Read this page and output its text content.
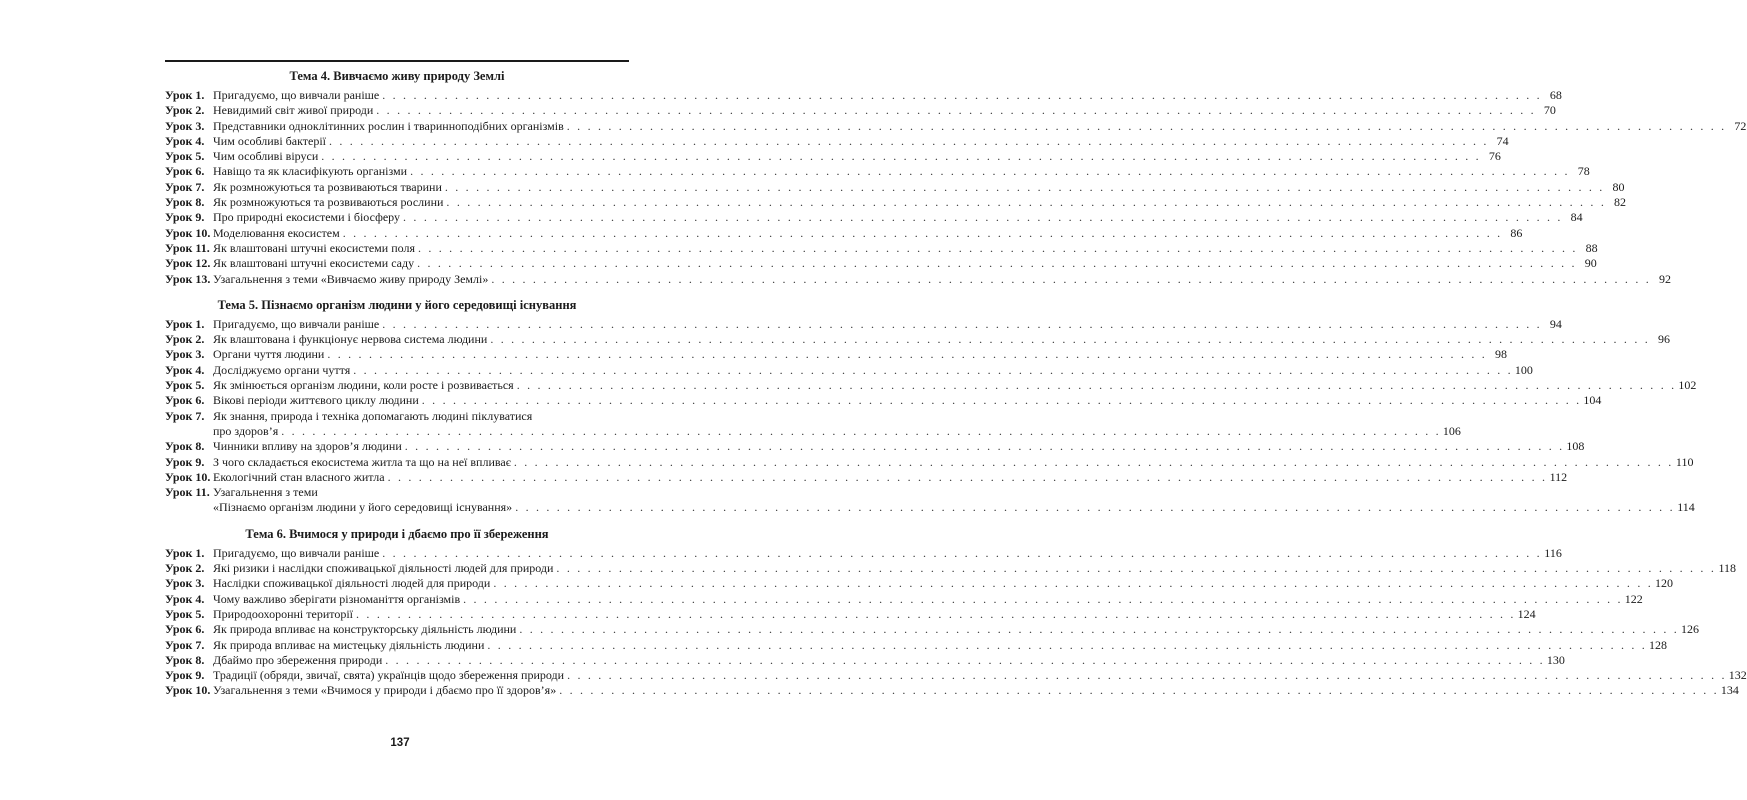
Тема 4. Вивчаємо живу природу Землі
Урок 1. Пригадуємо, що вивчали раніше . . .	68
Урок 2. Невидимий світ живої природи . . .	70
Урок 3. Представники одноклітинних рослин і тваринноподібних організмів . . .	72
Урок 4. Чим особливі бактерії . . .	74
Урок 5. Чим особливі віруси . . .	76
Урок 6. Навіщо та як класифікують організми . . .	78
Урок 7. Як розмножуються та розвиваються тварини . . .	80
Урок 8. Як розмножуються та розвиваються рослини . . .	82
Урок 9. Про природні екосистеми і біосферу . . .	84
Урок 10. Моделювання екосистем . . .	86
Урок 11. Як влаштовані штучні екосистеми поля . . .	88
Урок 12. Як влаштовані штучні екосистеми саду . . .	90
Урок 13. Узагальнення з теми «Вивчаємо живу природу Землі» . . .	92
Тема 5. Пізнаємо організм людини у його середовищі існування
Урок 1. Пригадуємо, що вивчали раніше . . .	94
Урок 2. Як влаштована і функціонує нервова система людини . . .	96
Урок 3. Органи чуття людини . . .	98
Урок 4. Досліджуємо органи чуття . . .	100
Урок 5. Як змінюється організм людини, коли росте і розвивається . . .	102
Урок 6. Вікові періоди життєвого циклу людини . . .	104
Урок 7. Як знання, природа і техніка допомагають людині піклуватися
про здоров’я . . .	106
Урок 8. Чинники впливу на здоров’я людини . . .	108
Урок 9. З чого складається екосистема житла та що на неї впливає . . .	110
Урок 10. Екологічний стан власного житла . . .	112
Урок 11. Узагальнення з теми
«Пізнаємо організм людини у його середовищі існування» . . .	114
Тема 6. Вчимося у природи і дбаємо про її збереження
Урок 1. Пригадуємо, що вивчали раніше . . .	116
Урок 2. Які ризики і наслідки споживацької діяльності людей для природи . . .	118
Урок 3. Наслідки споживацької діяльності людей для природи . . .	120
Урок 4. Чому важливо зберігати різноманіття організмів . . .	122
Урок 5. Природоохоронні території . . .	124
Урок 6. Як природа впливає на конструкторську діяльність людини . . .	126
Урок 7. Як природа впливає на мистецьку діяльність людини . . .	128
Урок 8. Дбаймо про збереження природи . . .	130
Урок 9. Традиції (обряди, звичаї, свята) українців щодо збереження природи . . .	132
Урок 10. Узагальнення з теми «Вчимося у природи і дбаємо про її здоров’я» . . .	134
137
